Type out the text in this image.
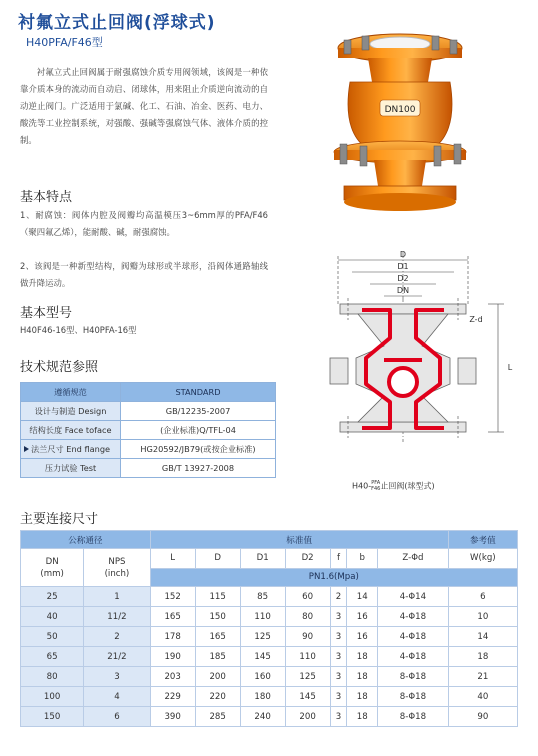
衬氟立式止回阀(浮球式)
H40PFA/F46型
衬氟立式止回阀属于耐强腐蚀介质专用阀领域，该阀是一种依靠介质本身的流动而自动启、闭球体，用来阻止介质逆向流动的自动逆止阀门。广泛适用于氯碱、化工、石油、冶金、医药、电力、酸洗等工业控制系统，对强酸、强碱等强腐蚀气体、液体介质的控制。
基本特点
1、耐腐蚀：阀体内腔及阀瓣均高温模压3~6mm厚的PFA/F46（聚四氟乙烯），能耐酸、碱，耐强腐蚀。
2、该阀是一种新型结构，阀瓣为球形或半球形，沿阀体通路轴线做升降运动。
基本型号
H40F46-16型、H40PFA-16型
技术规范参照
遵循规范	STANDARD
设计与制造 Design	GB/12235-2007
结构长度 Face toface	(企业标准)Q/TFL-04
法兰尺寸 End flange	HG20592/JB79(或按企业标准)
压力试验 Test	GB/T 13927-2008
DN100
D
D1
D2
DN
Z-d
L
H40-PFA
F46止回阀(球型式)
主要连接尺寸
公称通径		标准值							参考值
DN
(mm)	NPS
(inch)	L	D	D1	D2	f	b	Z-Φd	W(kg)
		PN1.6(Mpa)							
25	1	152	115	85	60	2	14	4-Φ14	6
40	11/2	165	150	110	80	3	16	4-Φ18	10
50	2	178	165	125	90	3	16	4-Φ18	14
65	21/2	190	185	145	110	3	18	4-Φ18	18
80	3	203	200	160	125	3	18	8-Φ18	21
100	4	229	220	180	145	3	18	8-Φ18	40
150	6	390	285	240	200	3	18	8-Φ18	90
